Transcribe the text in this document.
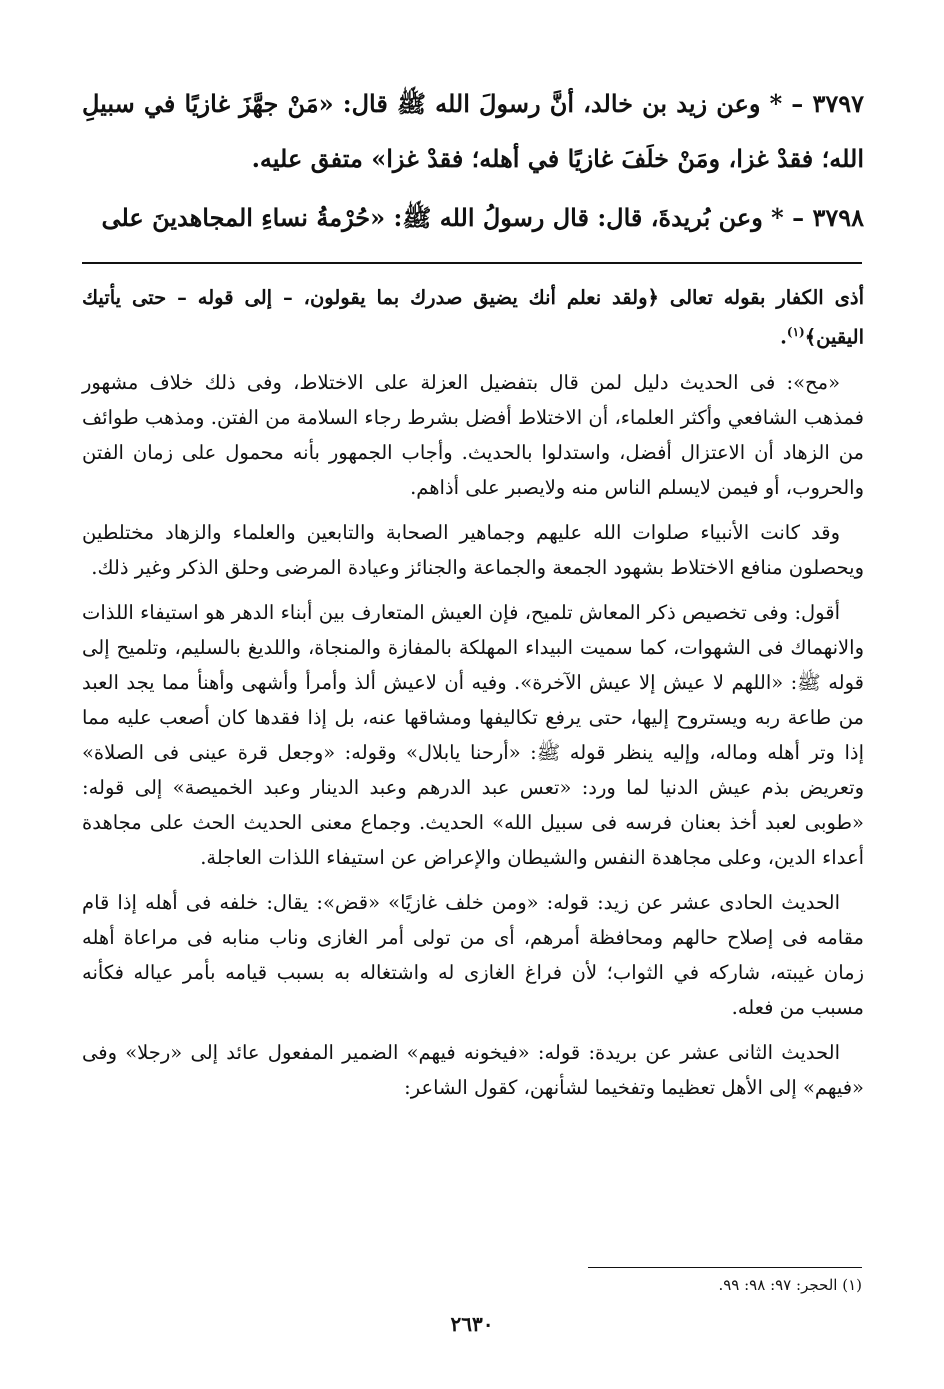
٣٧٩٧ – * وعن زيد بن خالد، أنَّ رسولَ الله ﷺ قال: «مَنْ جهَّزَ غازيًا في سبيلِ الله؛ فقدْ غزا، ومَنْ خلَفَ غازيًا في أهله؛ فقدْ غزا» متفق عليه.
٣٧٩٨ – * وعن بُريدةَ، قال: قال رسولُ الله ﷺ: «حُرْمةُ نساءِ المجاهدينَ على

أذى الكفار بقوله تعالى ﴿ولقد نعلم أنك يضيق صدرك بما يقولون، – إلى قوله – حتى يأتيك اليقين﴾$^{(١)}$.

«مح»: فى الحديث دليل لمن قال بتفضيل العزلة على الاختلاط، وفى ذلك خلاف مشهور فمذهب الشافعي وأكثر العلماء، أن الاختلاط أفضل بشرط رجاء السلامة من الفتن. ومذهب طوائف من الزهاد أن الاعتزال أفضل، واستدلوا بالحديث. وأجاب الجمهور بأنه محمول على زمان الفتن والحروب، أو فيمن لايسلم الناس منه ولايصبر على أذاهم.

وقد كانت الأنبياء صلوات الله عليهم وجماهير الصحابة والتابعين والعلماء والزهاد مختلطين ويحصلون منافع الاختلاط بشهود الجمعة والجماعة والجنائز وعيادة المرضى وحلق الذكر وغير ذلك.

أقول: وفى تخصيص ذكر المعاش تلميح، فإن العيش المتعارف بين أبناء الدهر هو استيفاء اللذات والانهماك فى الشهوات، كما سميت البيداء المهلكة بالمفازة والمنجاة، واللديغ بالسليم، وتلميح إلى قوله ﷺ: «اللهم لا عيش إلا عيش الآخرة». وفيه أن لاعيش ألذ وأمرأ وأشهى وأهنأ مما يجد العبد من طاعة ربه ويستروح إليها، حتى يرفع تكاليفها ومشاقها عنه، بل إذا فقدها كان أصعب عليه مما إذا وتر أهله وماله، وإليه ينظر قوله ﷺ: «أرحنا يابلال» وقوله: «وجعل قرة عينى فى الصلاة» وتعريض بذم عيش الدنيا لما ورد: «تعس عبد الدرهم وعبد الدينار وعبد الخميصة» إلى قوله: «طوبى لعبد أخذ بعنان فرسه فى سبيل الله» الحديث. وجماع معنى الحديث الحث على مجاهدة أعداء الدين، وعلى مجاهدة النفس والشيطان والإعراض عن استيفاء اللذات العاجلة.

الحديث الحادى عشر عن زيد: قوله: «ومن خلف غازيًا» «قض»: يقال: خلفه فى أهله إذا قام مقامه فى إصلاح حالهم ومحافظة أمرهم، أى من تولى أمر الغازى وناب منابه فى مراعاة أهله زمان غيبته، شاركه في الثواب؛ لأن فراغ الغازى له واشتغاله به بسبب قيامه بأمر عياله فكأنه مسبب من فعله.

الحديث الثانى عشر عن بريدة: قوله: «فيخونه فيهم» الضمير المفعول عائد إلى «رجلا» وفى «فيهم» إلى الأهل تعظيما وتفخيما لشأنهن، كقول الشاعر:

(١) الحجر: ٩٧: ٩٨: ٩٩.
٢٦٣٠
